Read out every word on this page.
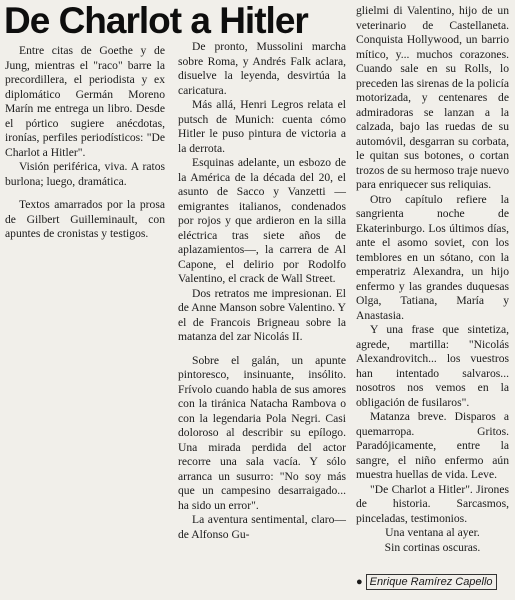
De Charlot a Hitler

Entre citas de Goethe y de Jung, mientras el "raco" barre la precordillera, el periodista y ex diplomático Germán Moreno Marín me entrega un libro. Desde el pórtico sugiere anécdotas, ironías, perfiles periodísticos: "De Charlot a Hitler".

Visión periférica, viva. A ratos burlona; luego, dramática.

Textos amarrados por la prosa de Gilbert Guilleminault, con apuntes de cronistas y testigos.

De pronto, Mussolini marcha sobre Roma, y Andrés Falk aclara, disuelve la leyenda, desvirtúa la caricatura.

Más allá, Henri Legros relata el putsch de Munich: cuenta cómo Hitler le puso pintura de victoria a la derrota.

Esquinas adelante, un esbozo de la América de la década del 20, el asunto de Sacco y Vanzetti —emigrantes italianos, condenados por rojos y que ardieron en la silla eléctrica tras siete años de aplazamientos—, la carrera de Al Capone, el delirio por Rodolfo Valentino, el crack de Wall Street.

Dos retratos me impresionan. El de Anne Manson sobre Valentino. Y el de Francois Brigneau sobre la matanza del zar Nicolás II.

Sobre el galán, un apunte pintoresco, insinuante, insólito. Frívolo cuando habla de sus amores con la tiránica Natacha Rambova o con la legendaria Pola Negri. Casi doloroso al describir su epílogo. Una mirada perdida del actor recorre una sala vacía. Y sólo arranca un susurro: "No soy más que un campesino desarraigado... ha sido un error".

La aventura sentimental, claro— de Alfonso Gu-

glielmi di Valentino, hijo de un veterinario de Castellaneta. Conquista Hollywood, un barrio mítico, y... muchos corazones. Cuando sale en su Rolls, lo preceden las sirenas de la policía motorizada, y centenares de admiradoras se lanzan a la calzada, bajo las ruedas de su automóvil, desgarran su corbata, le quitan sus botones, o cortan trozos de su hermoso traje nuevo para enriquecer sus reliquias.

Otro capítulo refiere la sangrienta noche de Ekaterinburgo. Los últimos días, ante el asomo soviet, con los temblores en un sótano, con la emperatriz Alexandra, un hijo enfermo y las grandes duquesas Olga, Tatiana, María y Anastasia.

Y una frase que sintetiza, agrede, martilla: "Nicolás Alexandrovitch... los vuestros han intentado salvaros... nosotros nos vemos en la obligación de fusilaros".

Matanza breve. Disparos a quemarropa. Gritos. Paradójicamente, entre la sangre, el niño enfermo aún muestra huellas de vida. Leve.

"De Charlot a Hitler". Jirones de historia. Sarcasmos, pinceladas, testimonios.

Una ventana al ayer.

Sin cortinas oscuras.

● Enrique Ramírez Capello
